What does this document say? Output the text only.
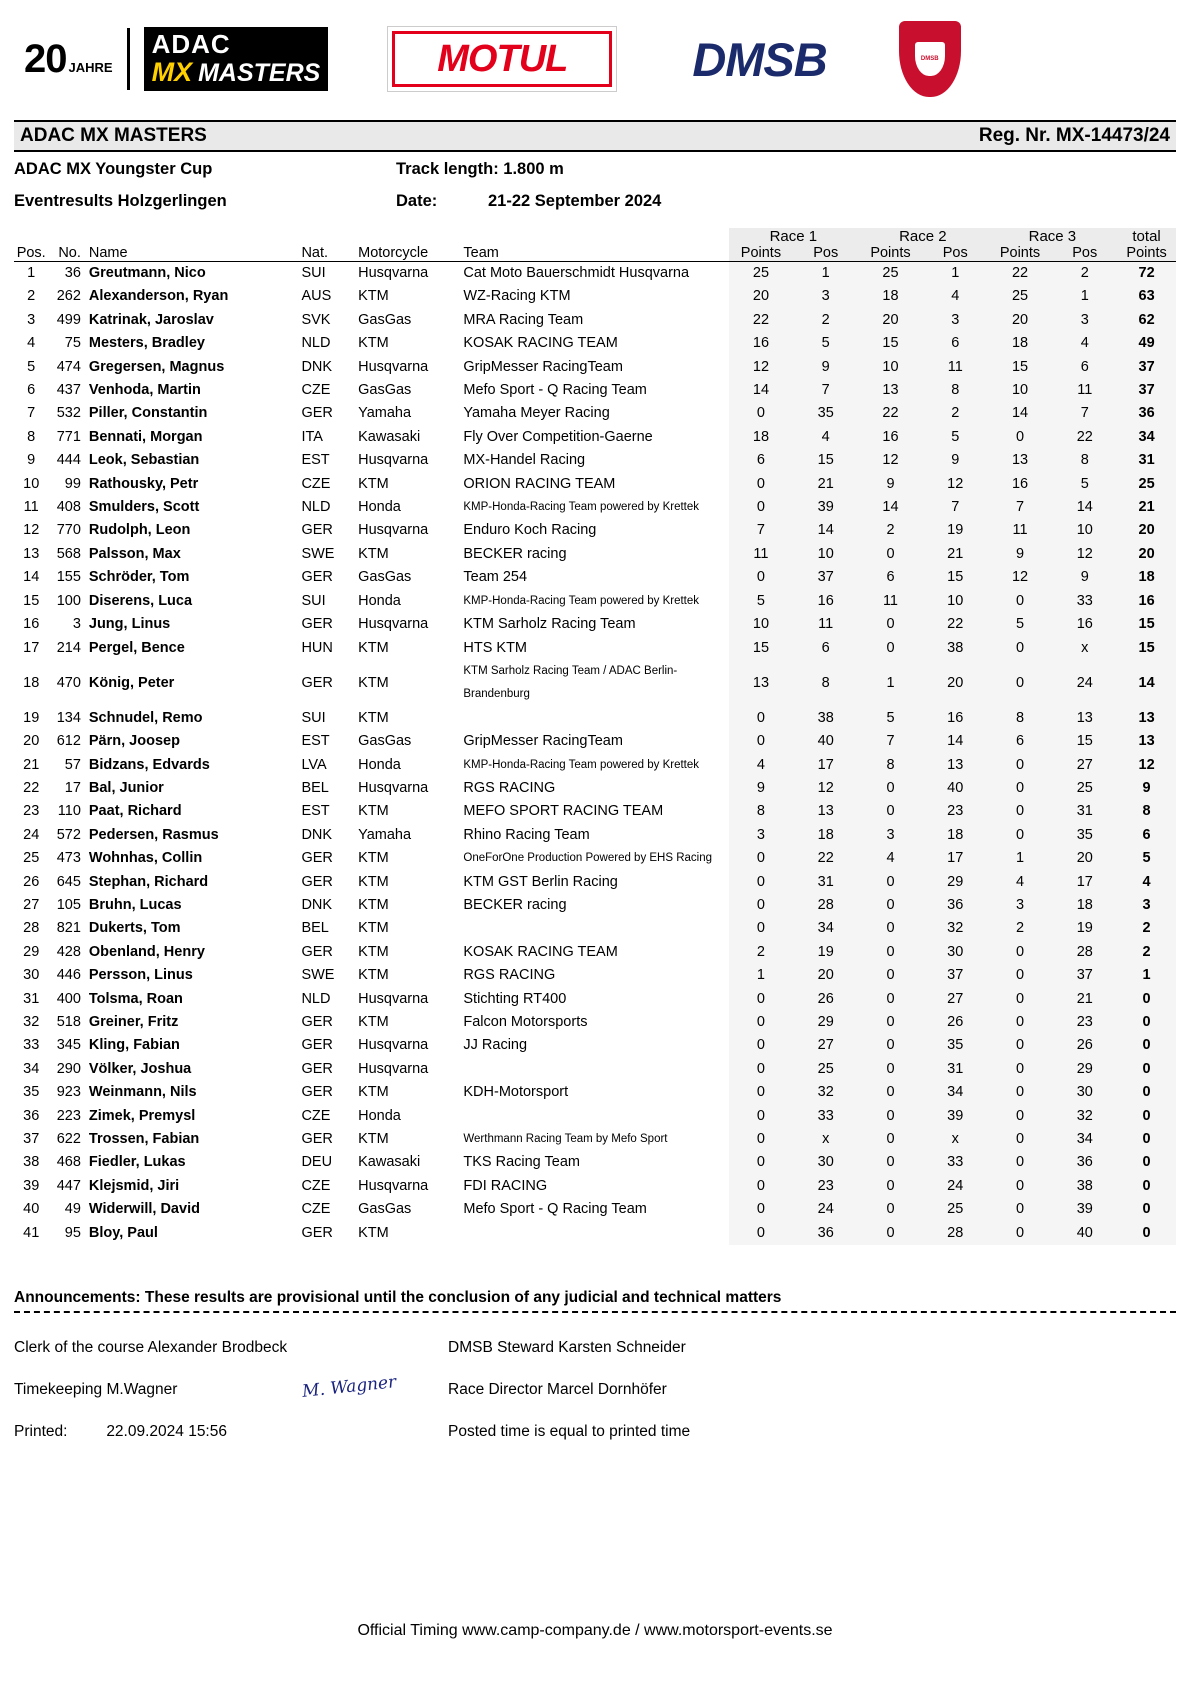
20 JAHRE
ADAC
MX MASTERS	MOTUL	DMSB	DMSB
ADAC MX MASTERS	Reg. Nr. MX-14473/24
ADAC MX Youngster Cup	Track length: 1.800 m
Eventresults Holzgerlingen	Date:	21-22 September 2024
						Race 1		Race 2		Race 3		total
Pos.	No.	Name	Nat.	Motorcycle	Team	Points	Pos	Points	Pos	Points	Pos	Points
1	36	Greutmann, Nico	SUI	Husqvarna	Cat Moto Bauerschmidt Husqvarna	25	1	25	1	22	2	72
2	262	Alexanderson, Ryan	AUS	KTM	WZ-Racing KTM	20	3	18	4	25	1	63
3	499	Katrinak, Jaroslav	SVK	GasGas	MRA Racing Team	22	2	20	3	20	3	62
4	75	Mesters, Bradley	NLD	KTM	KOSAK RACING TEAM	16	5	15	6	18	4	49
5	474	Gregersen, Magnus	DNK	Husqvarna	GripMesser RacingTeam	12	9	10	11	15	6	37
6	437	Venhoda, Martin	CZE	GasGas	Mefo Sport - Q Racing Team	14	7	13	8	10	11	37
7	532	Piller, Constantin	GER	Yamaha	Yamaha Meyer Racing	0	35	22	2	14	7	36
8	771	Bennati, Morgan	ITA	Kawasaki	Fly Over Competition-Gaerne	18	4	16	5	0	22	34
9	444	Leok, Sebastian	EST	Husqvarna	MX-Handel Racing	6	15	12	9	13	8	31
10	99	Rathousky, Petr	CZE	KTM	ORION RACING TEAM	0	21	9	12	16	5	25
11	408	Smulders, Scott	NLD	Honda	KMP-Honda-Racing Team powered by Krettek	0	39	14	7	7	14	21
12	770	Rudolph, Leon	GER	Husqvarna	Enduro Koch Racing	7	14	2	19	11	10	20
13	568	Palsson, Max	SWE	KTM	BECKER racing	11	10	0	21	9	12	20
14	155	Schröder, Tom	GER	GasGas	Team 254	0	37	6	15	12	9	18
15	100	Diserens, Luca	SUI	Honda	KMP-Honda-Racing Team powered by Krettek	5	16	11	10	0	33	16
16	3	Jung, Linus	GER	Husqvarna	KTM Sarholz Racing Team	10	11	0	22	5	16	15
17	214	Pergel, Bence	HUN	KTM	HTS KTM	15	6	0	38	0	x	15
18	470	König, Peter	GER	KTM	KTM Sarholz Racing Team / ADAC Berlin-Brandenburg	13	8	1	20	0	24	14
19	134	Schnudel, Remo	SUI	KTM		0	38	5	16	8	13	13
20	612	Pärn, Joosep	EST	GasGas	GripMesser RacingTeam	0	40	7	14	6	15	13
21	57	Bidzans, Edvards	LVA	Honda	KMP-Honda-Racing Team powered by Krettek	4	17	8	13	0	27	12
22	17	Bal, Junior	BEL	Husqvarna	RGS RACING	9	12	0	40	0	25	9
23	110	Paat, Richard	EST	KTM	MEFO SPORT RACING TEAM	8	13	0	23	0	31	8
24	572	Pedersen, Rasmus	DNK	Yamaha	Rhino Racing Team	3	18	3	18	0	35	6
25	473	Wohnhas, Collin	GER	KTM	OneForOne Production Powered by EHS Racing	0	22	4	17	1	20	5
26	645	Stephan, Richard	GER	KTM	KTM GST Berlin Racing	0	31	0	29	4	17	4
27	105	Bruhn, Lucas	DNK	KTM	BECKER racing	0	28	0	36	3	18	3
28	821	Dukerts, Tom	BEL	KTM		0	34	0	32	2	19	2
29	428	Obenland, Henry	GER	KTM	KOSAK RACING TEAM	2	19	0	30	0	28	2
30	446	Persson, Linus	SWE	KTM	RGS RACING	1	20	0	37	0	37	1
31	400	Tolsma, Roan	NLD	Husqvarna	Stichting RT400	0	26	0	27	0	21	0
32	518	Greiner, Fritz	GER	KTM	Falcon Motorsports	0	29	0	26	0	23	0
33	345	Kling, Fabian	GER	Husqvarna	JJ Racing	0	27	0	35	0	26	0
34	290	Völker, Joshua	GER	Husqvarna		0	25	0	31	0	29	0
35	923	Weinmann, Nils	GER	KTM	KDH-Motorsport	0	32	0	34	0	30	0
36	223	Zimek, Premysl	CZE	Honda		0	33	0	39	0	32	0
37	622	Trossen, Fabian	GER	KTM	Werthmann Racing Team by Mefo Sport	0	x	0	x	0	34	0
38	468	Fiedler, Lukas	DEU	Kawasaki	TKS Racing Team	0	30	0	33	0	36	0
39	447	Klejsmid, Jiri	CZE	Husqvarna	FDI RACING	0	23	0	24	0	38	0
40	49	Widerwill, David	CZE	GasGas	Mefo Sport - Q Racing Team	0	24	0	25	0	39	0
41	95	Bloy, Paul	GER	KTM		0	36	0	28	0	40	0
Announcements: These results are provisional until the conclusion of any judicial and technical matters
Clerk of the course Alexander Brodbeck	DMSB Steward Karsten Schneider
Timekeeping M.Wagner	M. Wagner	Race Director Marcel Dornhöfer
Printed:	22.09.2024 15:56	Posted time is equal to printed time
Official Timing www.camp-company.de / www.motorsport-events.se
